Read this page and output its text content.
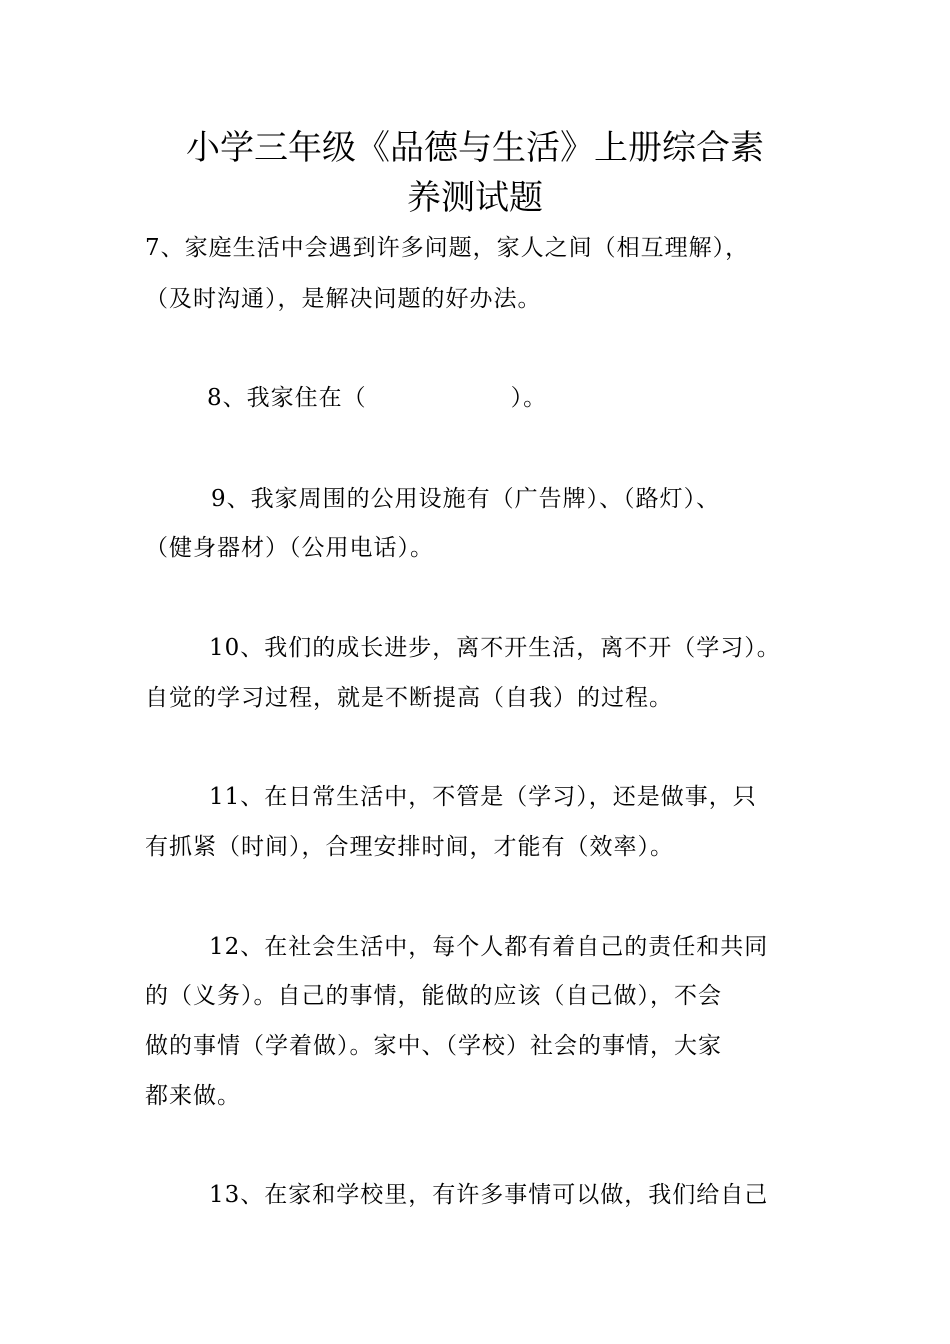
小学三年级《品德与生活》上册综合素
养测试题

7、家庭生活中会遇到许多问题，家人之间（相互理解），

（及时沟通），是解决问题的好办法。

8、我家住在（　　　　　　）。

9、我家周围的公用设施有（广告牌）、（路灯）、

（健身器材）（公用电话）。

10、我们的成长进步，离不开生活，离不开（学习）。

自觉的学习过程，就是不断提高（自我）的过程。

11、在日常生活中，不管是（学习），还是做事，只

有抓紧（时间），合理安排时间，才能有（效率）。

12、在社会生活中，每个人都有着自己的责任和共同

的（义务）。自己的事情，能做的应该（自己做），不会

做的事情（学着做）。家中、（学校）社会的事情，大家

都来做。

13、在家和学校里，有许多事情可以做，我们给自己
